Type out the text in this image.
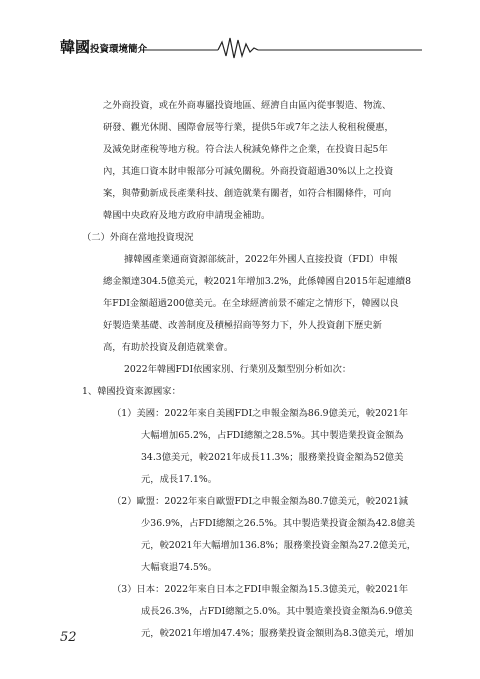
韓國投資環境簡介
之外商投資，或在外商專屬投資地區、經濟自由區內從事製造、物流、
研發、觀光休閒、國際會展等行業，提供5年或7年之法人稅租稅優惠，
及減免財產稅等地方稅。符合法人稅減免條件之企業，在投資日起5年
內，其進口資本財申報部分可減免關稅。外商投資超過30%以上之投資
案，與帶動新成長產業科技、創造就業有關者，如符合相關條件，可向
韓國中央政府及地方政府申請現金補助。
（二）外商在當地投資現況
據韓國產業通商資源部統計，2022年外國人直接投資（FDI）申報
總金額達304.5億美元，較2021年增加3.2%，此係韓國自2015年起連續8
年FDI金額超過200億美元。在全球經濟前景不確定之情形下，韓國以良
好製造業基礎、改善制度及積極招商等努力下，外人投資創下歷史新
高，有助於投資及創造就業會。
2022年韓國FDI依國家別、行業別及類型別分析如次：
1、韓國投資來源國家：
（1）美國：2022年來自美國FDI之申報金額為86.9億美元，較2021年
大幅增加65.2%，占FDI總額之28.5%。其中製造業投資金額為
34.3億美元，較2021年成長11.3%；服務業投資金額為52億美
元，成長17.1%。
（2）歐盟：2022年來自歐盟FDI之申報金額為80.7億美元，較2021減
少36.9%，占FDI總額之26.5%。其中製造業投資金額為42.8億美
元，較2021年大幅增加136.8%；服務業投資金額為27.2億美元，
大幅衰退74.5%。
（3）日本：2022年來自日本之FDI申報金額為15.3億美元，較2021年
成長26.3%，占FDI總額之5.0%。其中製造業投資金額為6.9億美
元，較2021年增加47.4%；服務業投資金額則為8.3億美元，增加
52
